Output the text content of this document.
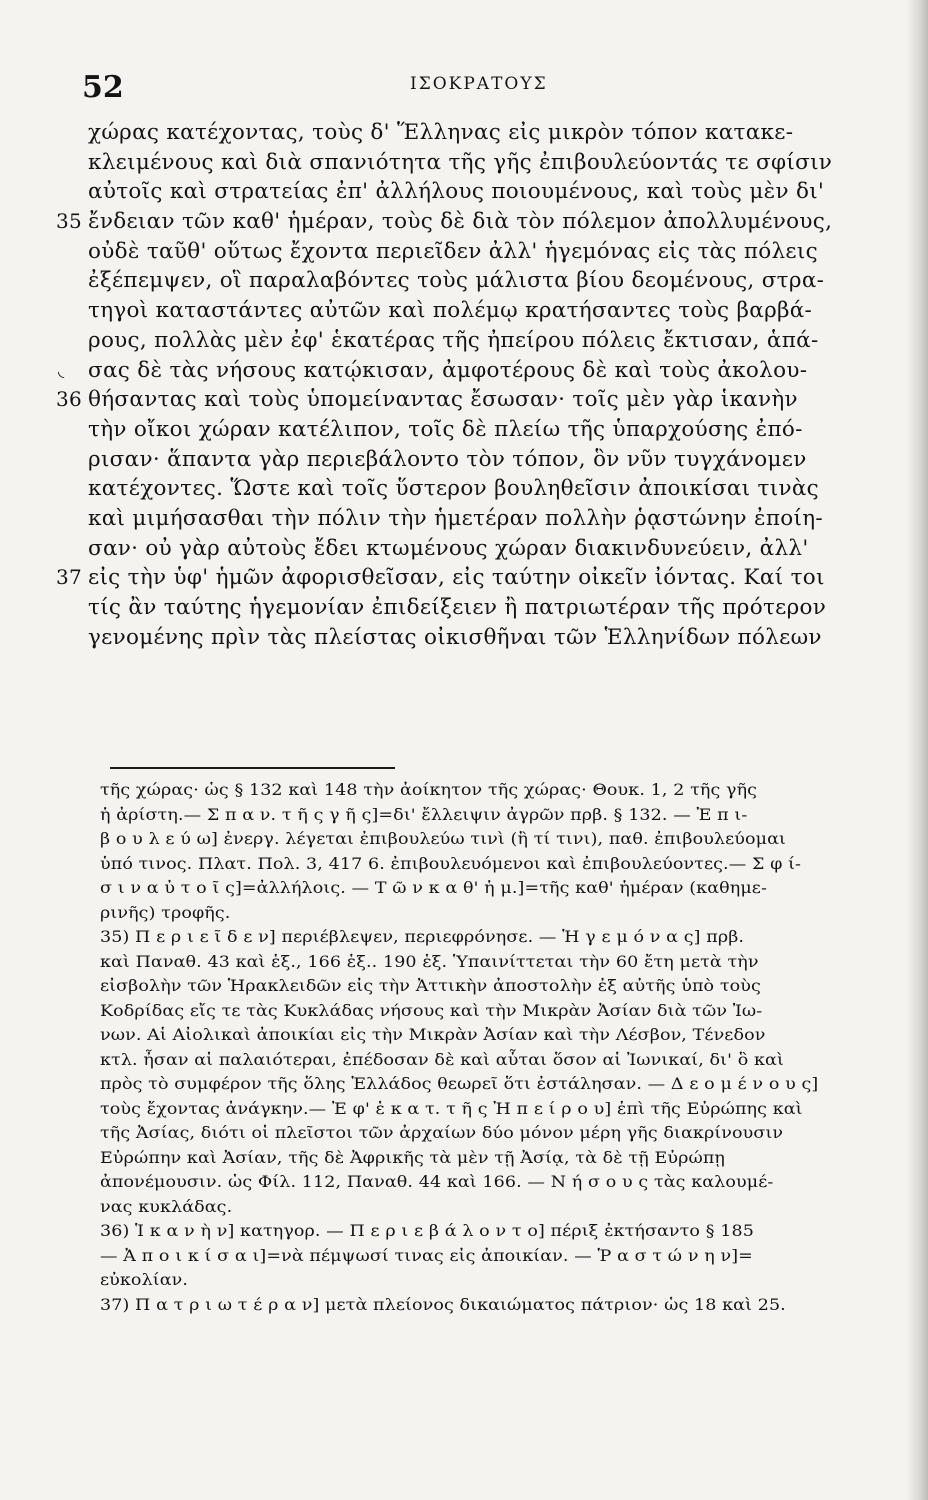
52	ΙΣΟΚΡΑΤΟΥΣ
χώρας κατέχοντας, τοὺς δ' Ἕλληνας εἰς μικρὸν τόπον κατακε-
κλειμένους καὶ διὰ σπανιότητα τῆς γῆς ἐπιβουλεύοντάς τε σφίσιν
αὐτοῖς καὶ στρατείας ἐπ' ἀλλήλους ποιουμένους, καὶ τοὺς μὲν δι'
35 ἔνδειαν τῶν καθ' ἡμέραν, τοὺς δὲ διὰ τὸν πόλεμον ἀπολλυμένους,
οὐδὲ ταῦθ' οὕτως ἔχοντα περιεῖδεν ἀλλ' ἡγεμόνας εἰς τὰς πόλεις
ἐξέπεμψεν, οἳ παραλαβόντες τοὺς μάλιστα βίου δεομένους, στρα-
τηγοὶ καταστάντες αὐτῶν καὶ πολέμῳ κρατήσαντες τοὺς βαρβά-
ρους, πολλὰς μὲν ἐφ' ἑκατέρας τῆς ἠπείρου πόλεις ἔκτισαν, ἁπά-
◟ σας δὲ τὰς νήσους κατῴκισαν, ἀμφοτέρους δὲ καὶ τοὺς ἀκολου-
36 θήσαντας καὶ τοὺς ὑπομείναντας ἔσωσαν· τοῖς μὲν γὰρ ἱκανὴν
τὴν οἴκοι χώραν κατέλιπον, τοῖς δὲ πλείω τῆς ὑπαρχούσης ἐπό-
ρισαν· ἅπαντα γὰρ περιεβάλοντο τὸν τόπον, ὃν νῦν τυγχάνομεν
κατέχοντες. Ὥστε καὶ τοῖς ὕστερον βουληθεῖσιν ἀποικίσαι τινὰς
καὶ μιμήσασθαι τὴν πόλιν τὴν ἡμετέραν πολλὴν ῥᾳστώνην ἐποίη-
σαν· οὐ γὰρ αὐτοὺς ἔδει κτωμένους χώραν διακινδυνεύειν, ἀλλ'
37 εἰς τὴν ὑφ' ἡμῶν ἀφορισθεῖσαν, εἰς ταύτην οἰκεῖν ἰόντας. Καί τοι
τίς ἂν ταύτης ἡγεμονίαν ἐπιδείξειεν ἢ πατριωτέραν τῆς πρότερον
γενομένης πρὶν τὰς πλείστας οἰκισθῆναι τῶν Ἑλληνίδων πόλεων
τῆς χώρας· ὡς § 132 καὶ 148 τὴν ἀοίκητον τῆς χώρας· Θουκ. 1, 2 τῆς γῆς
ἡ ἀρίστη.— Σ π α ν. τ ῆ ς γ ῆ ς]=δι' ἔλλειψιν ἀγρῶν πρβ. § 132. — Ἐ π ι-
β ο υ λ ε ύ ω] ἐνεργ. λέγεται ἐπιβουλεύω τινὶ (ἢ τί τινι), παθ. ἐπιβουλεύομαι
ὑπό τινος. Πλατ. Πολ. 3, 417 6. ἐπιβουλευόμενοι καὶ ἐπιβουλεύοντες.— Σ φ ί-
σ ι ν α ὐ τ ο ῖ ς]=ἀλλήλοις. — Τ ῶ ν κ α θ' ἡ μ.]=τῆς καθ' ἡμέραν (καθημε-
ρινῆς) τροφῆς.
35) Π ε ρ ι ε ῖ δ ε ν] περιέβλεψεν, περιεφρόνησε. — Ἡ γ ε μ ό ν α ς] πρβ.
καὶ Παναθ. 43 καὶ ἑξ., 166 ἑξ.. 190 ἑξ. Ὑπαινίττεται τὴν 60 ἔτη μετὰ τὴν
εἰσβολὴν τῶν Ἡρακλειδῶν εἰς τὴν Ἀττικὴν ἀποστολὴν ἐξ αὐτῆς ὑπὸ τοὺς
Κοδρίδας εἴς τε τὰς Κυκλάδας νήσους καὶ τὴν Μικρὰν Ἀσίαν διὰ τῶν Ἰω-
νων. Αἱ Αἰολικαὶ ἀποικίαι εἰς τὴν Μικρὰν Ἀσίαν καὶ τὴν Λέσβον, Τένεδον
κτλ. ἦσαν αἱ παλαιότεραι, ἐπέδοσαν δὲ καὶ αὗται ὅσον αἱ Ἰωνικαί, δι' ὃ καὶ
πρὸς τὸ συμφέρον τῆς ὅλης Ἑλλάδος θεωρεῖ ὅτι ἐστάλησαν. — Δ ε ο μ έ ν ο υ ς]
τοὺς ἔχοντας ἀνάγκην.— Ἐ φ' ἑ κ α τ. τ ῆ ς Ἠ π ε ί ρ ο υ] ἐπὶ τῆς Εὐρώπης καὶ
τῆς Ἀσίας, διότι οἱ πλεῖστοι τῶν ἀρχαίων δύο μόνον μέρη γῆς διακρίνουσιν
Εὐρώπην καὶ Ἀσίαν, τῆς δὲ Ἀφρικῆς τὰ μὲν τῇ Ἀσίᾳ, τὰ δὲ τῇ Εὐρώπῃ
ἀπονέμουσιν. ὡς Φίλ. 112, Παναθ. 44 καὶ 166. — Ν ή σ ο υ ς τὰς καλουμέ-
νας κυκλάδας.
36) Ἱ κ α ν ὴ ν] κατηγορ. — Π ε ρ ι ε β ά λ ο ν τ ο] πέριξ ἐκτήσαντο § 185
— Ἀ π ο ι κ ί σ α ι]=νὰ πέμψωσί τινας εἰς ἀποικίαν. — Ῥ α σ τ ώ ν η ν]=
εὐκολίαν.
37) Π α τ ρ ι ω τ έ ρ α ν] μετὰ πλείονος δικαιώματος πάτριον· ὡς 18 καὶ 25.
